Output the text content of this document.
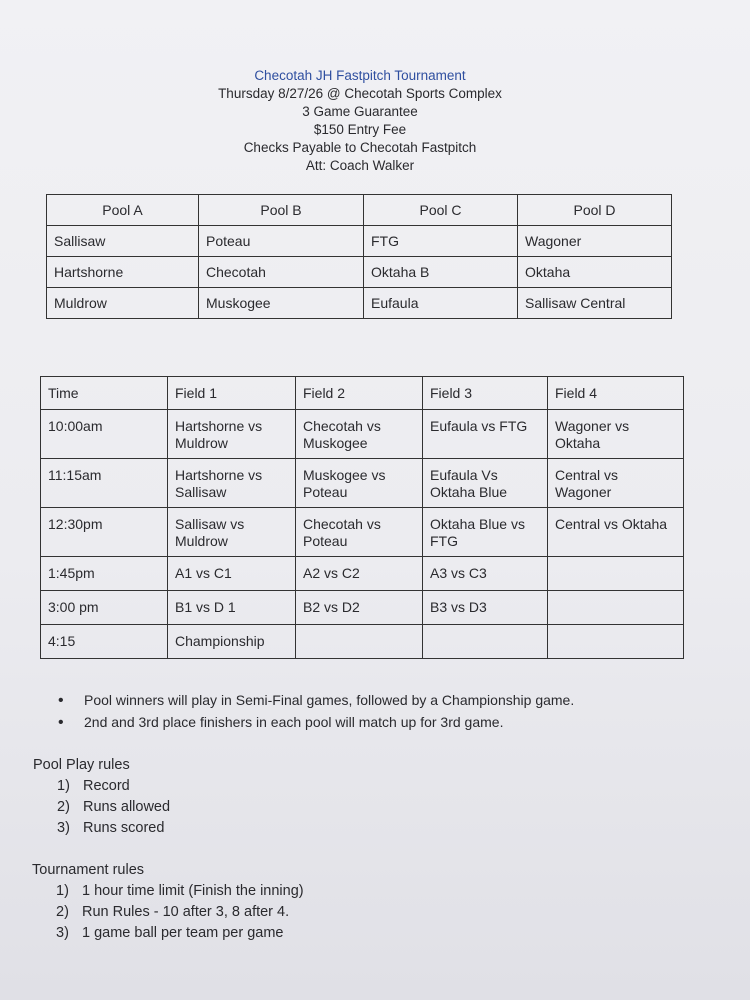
Checotah JH Fastpitch Tournament
Thursday 8/27/26 @ Checotah Sports Complex
3 Game Guarantee
$150 Entry Fee
Checks Payable to Checotah Fastpitch
Att: Coach Walker
Pool A	Pool B	Pool C	Pool D
Sallisaw	Poteau	FTG	Wagoner
Hartshorne	Checotah	Oktaha B	Oktaha
Muldrow	Muskogee	Eufaula	Sallisaw Central
Time	Field 1	Field 2	Field 3	Field 4
10:00am	Hartshorne vs Muldrow	Checotah vs Muskogee	Eufaula vs FTG	Wagoner vs Oktaha
11:15am	Hartshorne vs Sallisaw	Muskogee vs Poteau	Eufaula Vs Oktaha Blue	Central vs Wagoner
12:30pm	Sallisaw vs Muldrow	Checotah vs Poteau	Oktaha Blue vs FTG	Central vs Oktaha
1:45pm	A1 vs C1	A2 vs C2	A3 vs C3	
3:00 pm	B1 vs D 1	B2 vs D2	B3 vs D3	
4:15	Championship			
• Pool winners will play in Semi-Final games, followed by a Championship game.
• 2nd and 3rd place finishers in each pool will match up for 3rd game.
Pool Play rules
1) Record
2) Runs allowed
3) Runs scored
Tournament rules
1) 1 hour time limit (Finish the inning)
2) Run Rules - 10 after 3, 8 after 4.
3) 1 game ball per team per game
